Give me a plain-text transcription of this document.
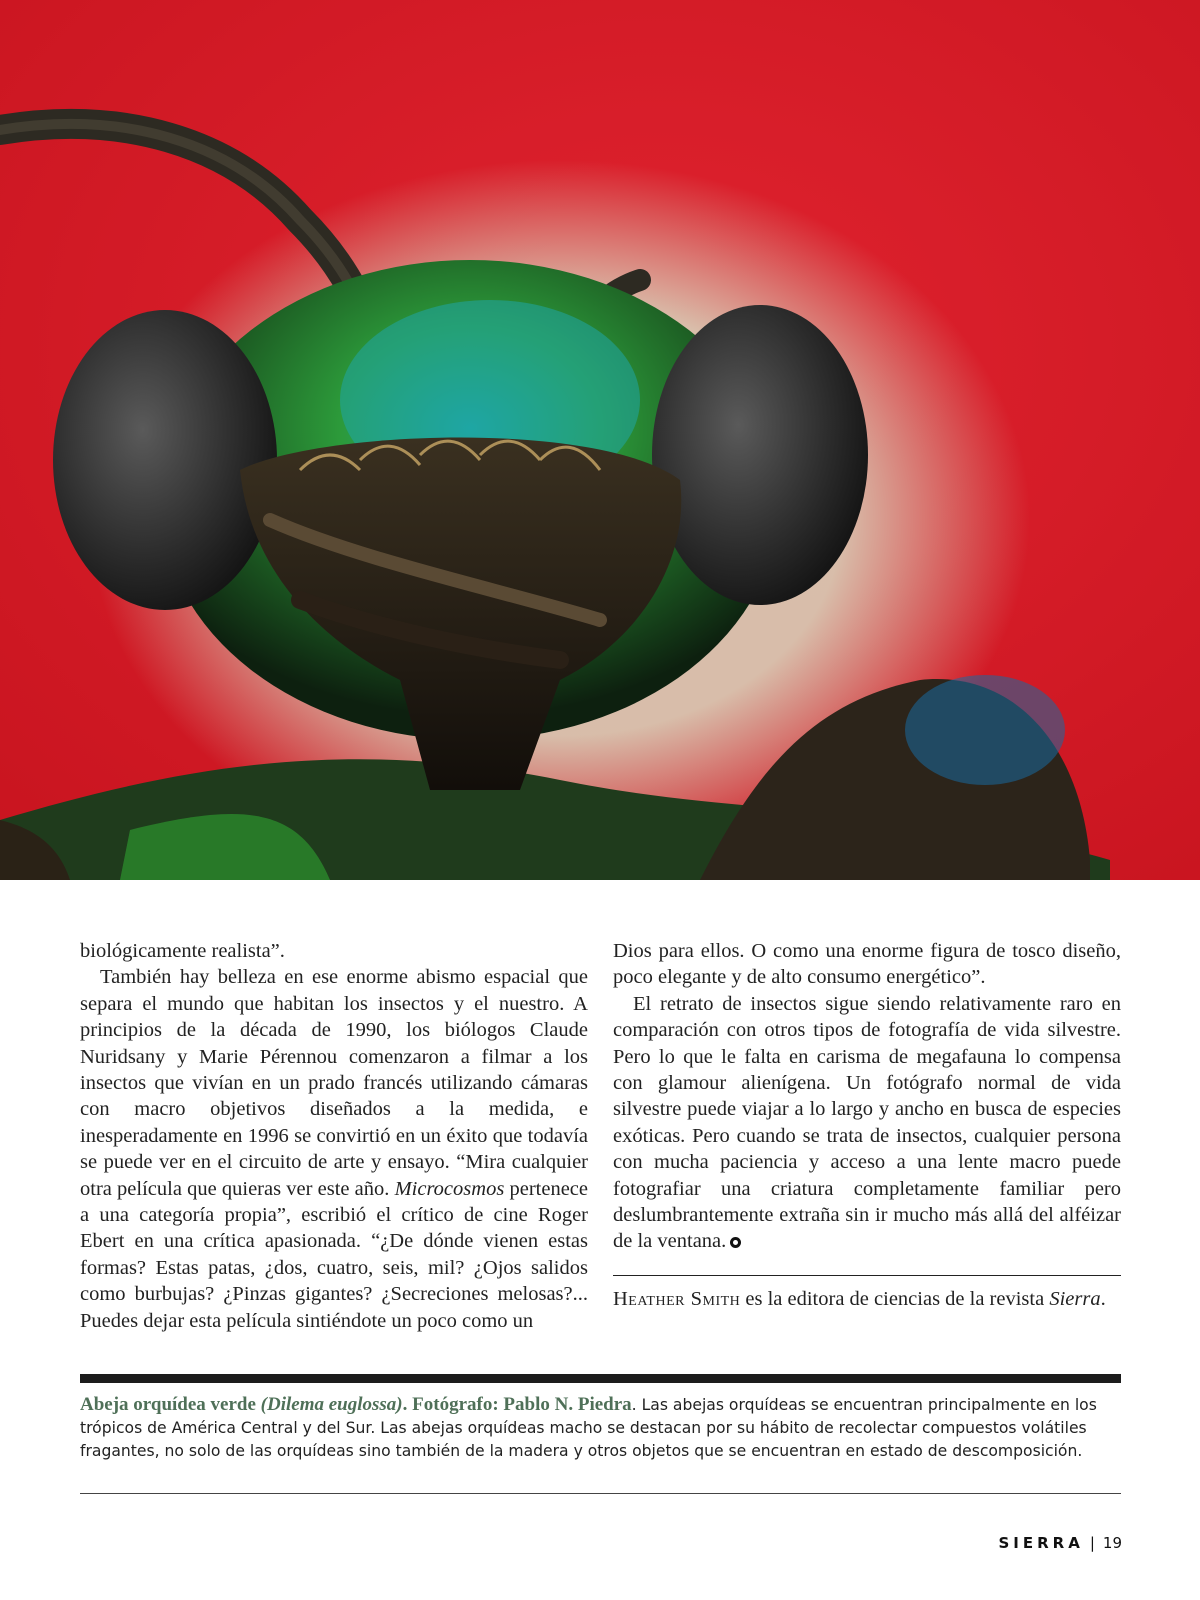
biológicamente realista”.

También hay belleza en ese enorme abismo espacial que separa el mundo que habitan los insectos y el nuestro. A principios de la década de 1990, los biólogos Claude Nuridsany y Marie Pérennou comenzaron a filmar a los insectos que vivían en un prado francés utilizando cámaras con macro objetivos diseñados a la medida, e inesperadamente en 1996 se convirtió en un éxito que todavía se puede ver en el circuito de arte y ensayo. “Mira cualquier otra película que quieras ver este año. Microcosmos pertenece a una categoría propia”, escribió el crítico de cine Roger Ebert en una crítica apasionada. “¿De dónde vienen estas formas? Estas patas, ¿dos, cuatro, seis, mil? ¿Ojos salidos como burbujas? ¿Pinzas gigantes? ¿Secreciones melosas?... Puedes dejar esta película sintiéndote un poco como un

Dios para ellos. O como una enorme figura de tosco diseño, poco elegante y de alto consumo energético”.

El retrato de insectos sigue siendo relativamente raro en comparación con otros tipos de fotografía de vida silvestre. Pero lo que le falta en carisma de megafauna lo compensa con glamour alienígena. Un fotógrafo normal de vida silvestre puede viajar a lo largo y ancho en busca de especies exóticas. Pero cuando se trata de insectos, cualquier persona con mucha paciencia y acceso a una lente macro puede fotografiar una criatura completamente familiar pero deslumbrantemente extraña sin ir mucho más allá del alféizar de la ventana.

Heather Smith es la editora de ciencias de la revista Sierra.
Abeja orquídea verde (Dilema euglossa). Fotógrafo: Pablo N. Piedra. Las abejas orquídeas se encuentran principalmente en los trópicos de América Central y del Sur. Las abejas orquídeas macho se destacan por su hábito de recolectar compuestos volátiles fragantes, no solo de las orquídeas sino también de la madera y otros objetos que se encuentran en estado de descomposición.
SIERRA | 19
